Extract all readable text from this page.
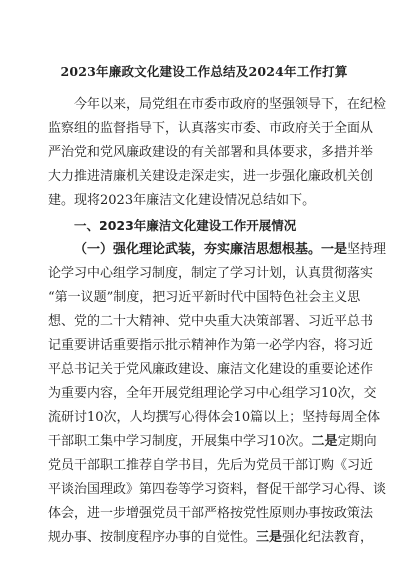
2023年廉政文化建设工作总结及2024年工作打算
今年以来，局党组在市委市政府的坚强领导下，在纪检
监察组的监督指导下，认真落实市委、市政府关于全面从
严治党和党风廉政建设的有关部署和具体要求，多措并举
大力推进清廉机关建设走深走实，进一步强化廉政机关创
建。现将2023年廉洁文化建设情况总结如下。
一、2023年廉洁文化建设工作开展情况
（一）强化理论武装，夯实廉洁思想根基。一是坚持理
论学习中心组学习制度，制定了学习计划，认真贯彻落实
“第一议题”制度，把习近平新时代中国特色社会主义思
想、党的二十大精神、党中央重大决策部署、习近平总书
记重要讲话重要指示批示精神作为第一必学内容，将习近
平总书记关于党风廉政建设、廉洁文化建设的重要论述作
为重要内容，全年开展党组理论学习中心组学习10次，交
流研讨10次，人均撰写心得体会10篇以上；坚持每周全体
干部职工集中学习制度，开展集中学习10次。二是定期向
党员干部职工推荐自学书目，先后为党员干部订购《习近
平谈治国理政》第四卷等学习资料，督促干部学习心得、谈
体会，进一步增强党员干部严格按党性原则办事按政策法
规办事、按制度程序办事的自觉性。三是强化纪法教育，
